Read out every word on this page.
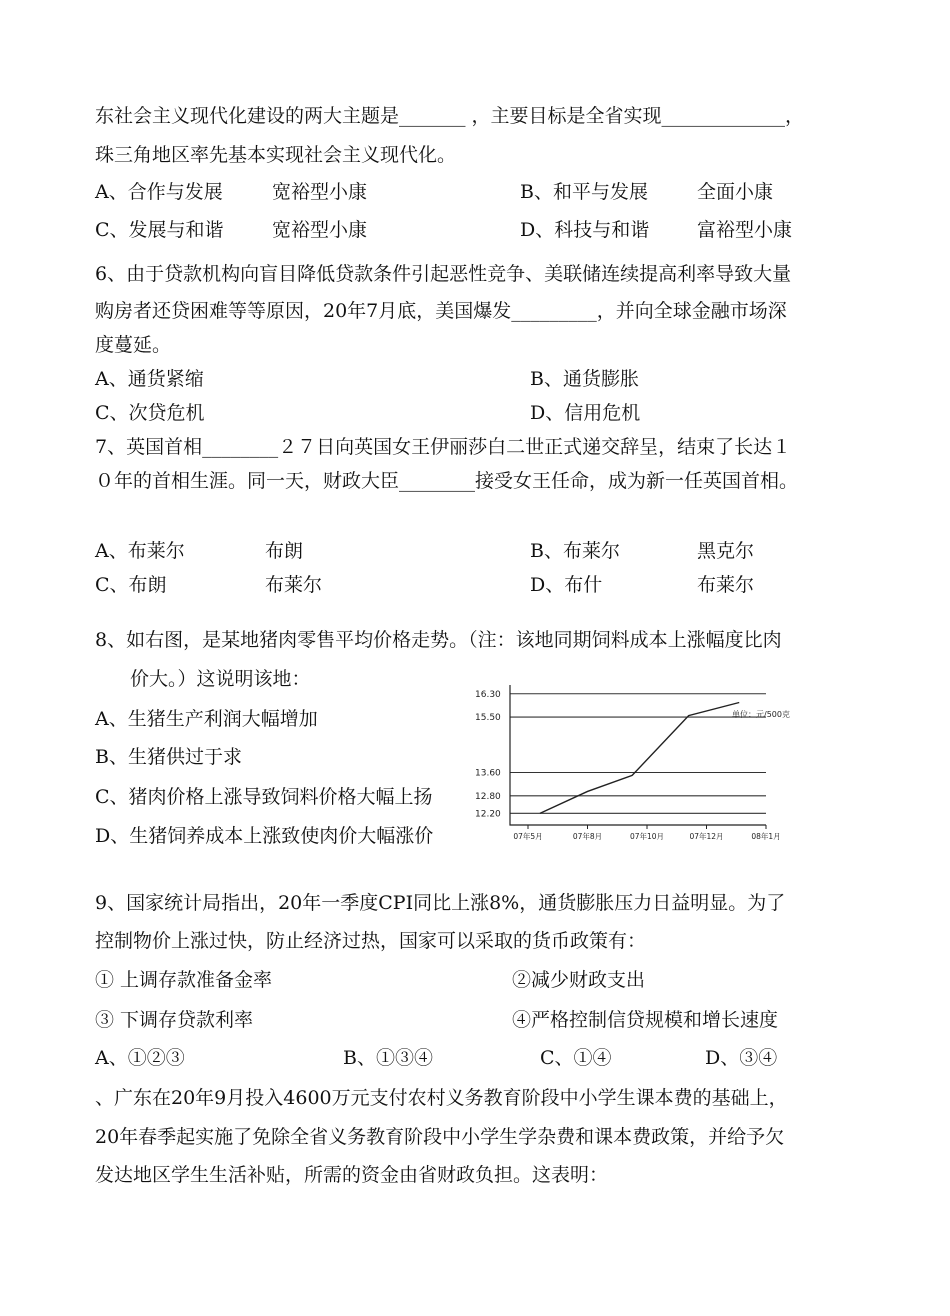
东社会主义现代化建设的两大主题是_______ ，主要目标是全省实现_____________，
珠三角地区率先基本实现社会主义现代化。
A、合作与发展	宽裕型小康	B、和平与发展	全面小康
C、发展与和谐	宽裕型小康	D、科技与和谐	富裕型小康
6、由于贷款机构向盲目降低贷款条件引起恶性竞争、美联储连续提高利率导致大量
购房者还贷困难等等原因，20年7月底，美国爆发_________，并向全球金融市场深
度蔓延。
A、通货紧缩	B、通货膨胀
C、次贷危机	D、信用危机
7、英国首相________２７日向英国女王伊丽莎白二世正式递交辞呈，结束了长达１
０年的首相生涯。同一天，财政大臣________接受女王任命，成为新一任英国首相。
A、布莱尔	布朗	B、布莱尔	黑克尔
C、布朗	布莱尔	D、布什	布莱尔
8、如右图，是某地猪肉零售平均价格走势。（注：该地同期饲料成本上涨幅度比肉
价大。）这说明该地：
A、生猪生产利润大幅增加
B、生猪供过于求
C、猪肉价格上涨导致饲料价格大幅上扬
D、生猪饲养成本上涨致使肉价大幅涨价
12.20
12.80
13.60
15.50
16.30
07年5月	07年8月	07年10月	07年12月	08年1月
单位：元/500克
9、国家统计局指出，20年一季度CPI同比上涨8%，通货膨胀压力日益明显。为了
控制物价上涨过快，防止经济过热，国家可以采取的货币政策有：
① 上调存款准备金率	②减少财政支出
③ 下调存贷款利率	④严格控制信贷规模和增长速度
A、①②③	B、①③④	C、①④	D、③④
、广东在20年9月投入4600万元支付农村义务教育阶段中小学生课本费的基础上，
20年春季起实施了免除全省义务教育阶段中小学生学杂费和课本费政策，并给予欠
发达地区学生生活补贴，所需的资金由省财政负担。这表明：
